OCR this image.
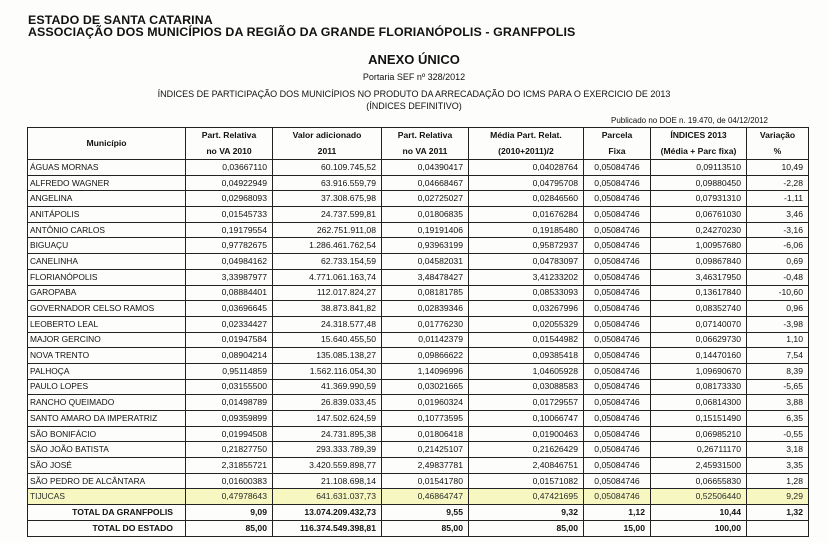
ESTADO DE SANTA CATARINA
ASSOCIAÇÃO DOS MUNICÍPIOS DA REGIÃO DA GRANDE FLORIANÓPOLIS - GRANFPOLIS
ANEXO ÚNICO
Portaria SEF nº 328/2012
ÍNDICES DE PARTICIPAÇÃO DOS MUNICÍPIOS NO PRODUTO DA ARRECADAÇÃO DO ICMS PARA O EXERCICIO DE 2013
(ÍNDICES DEFINITIVO)
Publicado no DOE n. 19.470, de 04/12/2012
Município	Part. Relativa	Valor adicionado	Part. Relativa	Média Part. Relat.	Parcela	ÍNDICES 2013	Variação
	no VA 2010	2011	no VA 2011	(2010+2011)/2	Fixa	(Média + Parc fixa)	%
ÁGUAS MORNAS	0,03667110	60.109.745,52	0,04390417	0,04028764	0,05084746	0,09113510	10,49
ALFREDO WAGNER	0,04922949	63.916.559,79	0,04668467	0,04795708	0,05084746	0,09880450	-2,28
ANGELINA	0,02968093	37.308.675,98	0,02725027	0,02846560	0,05084746	0,07931310	-1,11
ANITÁPOLIS	0,01545733	24.737.599,81	0,01806835	0,01676284	0,05084746	0,06761030	3,46
ANTÔNIO CARLOS	0,19179554	262.751.911,08	0,19191406	0,19185480	0,05084746	0,24270230	-3,16
BIGUAÇU	0,97782675	1.286.461.762,54	0,93963199	0,95872937	0,05084746	1,00957680	-6,06
CANELINHA	0,04984162	62.733.154,59	0,04582031	0,04783097	0,05084746	0,09867840	0,69
FLORIANÓPOLIS	3,33987977	4.771.061.163,74	3,48478427	3,41233202	0,05084746	3,46317950	-0,48
GAROPABA	0,08884401	112.017.824,27	0,08181785	0,08533093	0,05084746	0,13617840	-10,60
GOVERNADOR CELSO RAMOS	0,03696645	38.873.841,82	0,02839346	0,03267996	0,05084746	0,08352740	0,96
LEOBERTO LEAL	0,02334427	24.318.577,48	0,01776230	0,02055329	0,05084746	0,07140070	-3,98
MAJOR GERCINO	0,01947584	15.640.455,50	0,01142379	0,01544982	0,05084746	0,06629730	1,10
NOVA TRENTO	0,08904214	135.085.138,27	0,09866622	0,09385418	0,05084746	0,14470160	7,54
PALHOÇA	0,95114859	1.562.116.054,30	1,14096996	1,04605928	0,05084746	1,09690670	8,39
PAULO LOPES	0,03155500	41.369.990,59	0,03021665	0,03088583	0,05084746	0,08173330	-5,65
RANCHO QUEIMADO	0,01498789	26.839.033,45	0,01960324	0,01729557	0,05084746	0,06814300	3,88
SANTO AMARO DA IMPERATRIZ	0,09359899	147.502.624,59	0,10773595	0,10066747	0,05084746	0,15151490	6,35
SÃO BONIFÁCIO	0,01994508	24.731.895,38	0,01806418	0,01900463	0,05084746	0,06985210	-0,55
SÃO JOÃO BATISTA	0,21827750	293.333.789,39	0,21425107	0,21626429	0,05084746	0,26711170	3,18
SÃO JOSÉ	2,31855721	3.420.559.898,77	2,49837781	2,40846751	0,05084746	2,45931500	3,35
SÃO PEDRO DE ALCÂNTARA	0,01600383	21.108.698,14	0,01541780	0,01571082	0,05084746	0,06655830	1,28
TIJUCAS	0,47978643	641.631.037,73	0,46864747	0,47421695	0,05084746	0,52506440	9,29
TOTAL DA GRANFPOLIS	9,09	13.074.209.432,73	9,55	9,32	1,12	10,44	1,32
TOTAL DO ESTADO	85,00	116.374.549.398,81	85,00	85,00	15,00	100,00	
